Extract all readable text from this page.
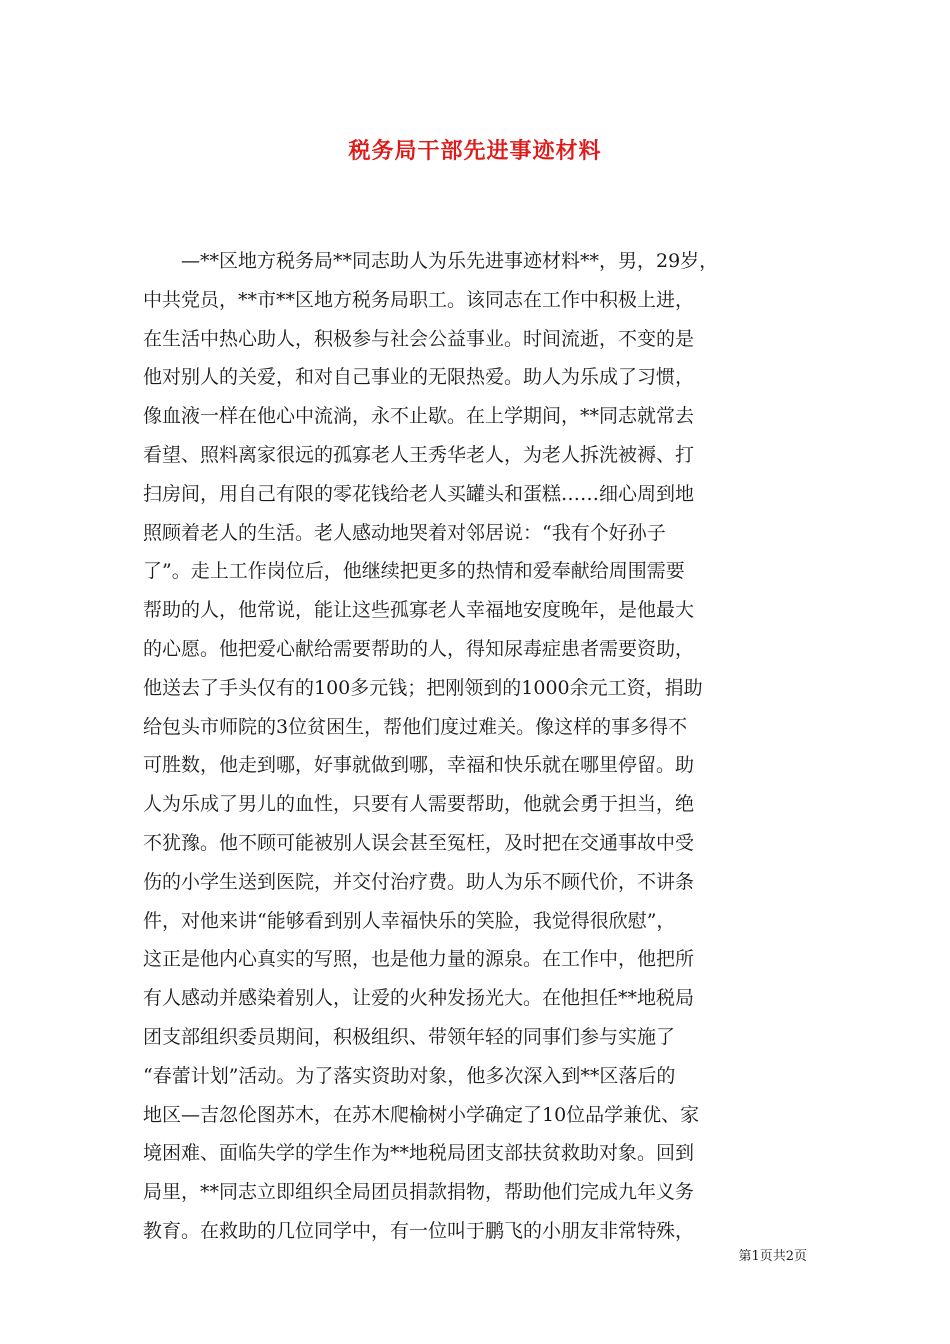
税务局干部先进事迹材料
—**区地方税务局**同志助人为乐先进事迹材料**，男，29岁，
中共党员，**市**区地方税务局职工。该同志在工作中积极上进，
在生活中热心助人，积极参与社会公益事业。时间流逝，不变的是
他对别人的关爱，和对自己事业的无限热爱。助人为乐成了习惯，
像血液一样在他心中流淌，永不止歇。在上学期间，**同志就常去
看望、照料离家很远的孤寡老人王秀华老人，为老人拆洗被褥、打
扫房间，用自己有限的零花钱给老人买罐头和蛋糕……细心周到地
照顾着老人的生活。老人感动地哭着对邻居说：“我有个好孙子
了”。走上工作岗位后，他继续把更多的热情和爱奉献给周围需要
帮助的人，他常说，能让这些孤寡老人幸福地安度晚年，是他最大
的心愿。他把爱心献给需要帮助的人，得知尿毒症患者需要资助，
他送去了手头仅有的100多元钱；把刚领到的1000余元工资，捐助
给包头市师院的3位贫困生，帮他们度过难关。像这样的事多得不
可胜数，他走到哪，好事就做到哪，幸福和快乐就在哪里停留。助
人为乐成了男儿的血性，只要有人需要帮助，他就会勇于担当，绝
不犹豫。他不顾可能被别人误会甚至冤枉，及时把在交通事故中受
伤的小学生送到医院，并交付治疗费。助人为乐不顾代价，不讲条
件，对他来讲“能够看到别人幸福快乐的笑脸，我觉得很欣慰”，
这正是他内心真实的写照，也是他力量的源泉。在工作中，他把所
有人感动并感染着别人，让爱的火种发扬光大。在他担任**地税局
团支部组织委员期间，积极组织、带领年轻的同事们参与实施了
“春蕾计划”活动。为了落实资助对象，他多次深入到**区落后的
地区—吉忽伦图苏木，在苏木爬榆树小学确定了10位品学兼优、家
境困难、面临失学的学生作为**地税局团支部扶贫救助对象。回到
局里，**同志立即组织全局团员捐款捐物，帮助他们完成九年义务
教育。在救助的几位同学中，有一位叫于鹏飞的小朋友非常特殊，
第1页共2页
